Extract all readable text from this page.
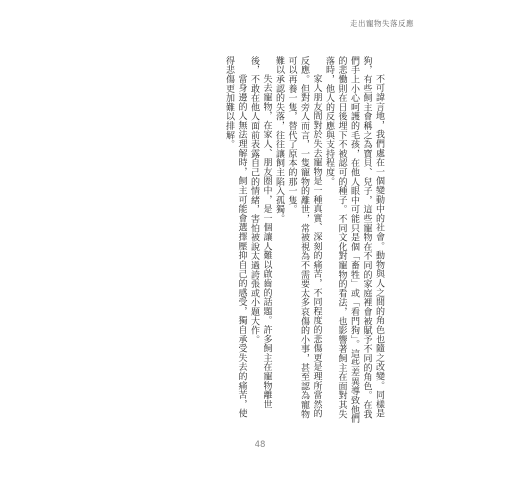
走出寵物失落反應

不可諱言地，我們處在一個變動中的社會。動物與人之間的角色也隨之改變。同樣是狗，有些飼主會稱之為寶貝、兒子，這些寵物在不同的家庭裡會被賦予不同的角色。在我們手上小心呵護的毛孩，在他人眼中可能只是個「畜牲」或「看門狗」。這些差異導致他們的悲慟則在日後埋下不被認可的種子。不同文化對寵物的看法，也影響著飼主在面對其失落時，他人的反應與支持程度。

家人朋友間對於失去寵物是一種真實、深刻的痛苦，不同程度的悲傷更是理所當然的反應。但對旁人而言，一隻寵物的離世，常被視為不需要太多哀傷的小事，甚至認為寵物可以再養一隻，替代了原本的那一隻。

難以承認的失落，往往讓飼主陷入孤獨。

失去寵物，在家人、朋友圈中，是一個讓人難以啟齒的話題。許多飼主在寵物離世後，不敢在他人面前表露自己的情緒，害怕被說太過誇張或小題大作。

當身邊的人無法理解時，飼主可能會選擇壓抑自己的感受，獨自承受失去的痛苦，使得悲傷更加難以排解。

48
